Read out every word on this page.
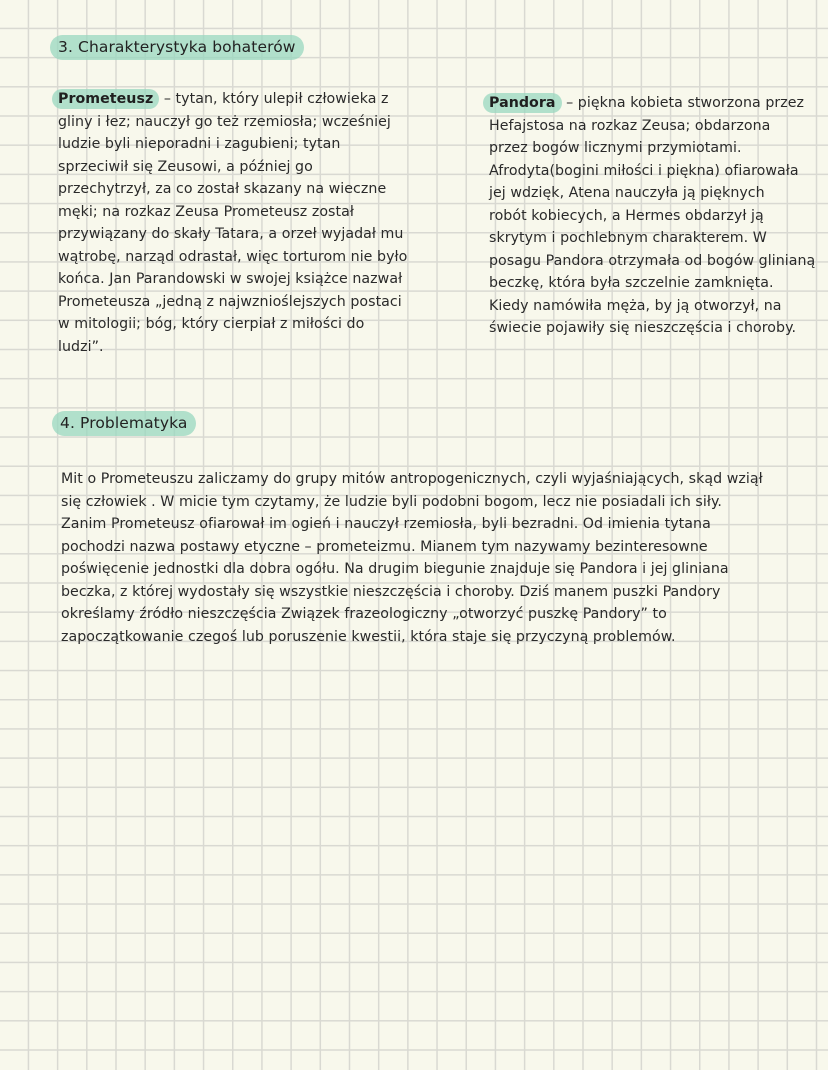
3. Charakterystyka bohaterów
Prometeusz – tytan, który ulepił człowieka z
gliny i łez; nauczył go też rzemiosła; wcześniej
ludzie byli nieporadni i zagubieni; tytan
sprzeciwił się Zeusowi, a później go
przechytrzył, za co został skazany na wieczne
męki; na rozkaz Zeusa Prometeusz został
przywiązany do skały Tatara, a orzeł wyjadał mu
wątrobę, narząd odrastał, więc torturom nie było
końca. Jan Parandowski w swojej książce nazwał
Prometeusza „jedną z najwznioślejszych postaci
w mitologii; bóg, który cierpiał z miłości do
ludzi”.
Pandora – piękna kobieta stworzona przez
Hefajstosa na rozkaz Zeusa; obdarzona
przez bogów licznymi przymiotami.
Afrodyta(bogini miłości i piękna) ofiarowała
jej wdzięk, Atena nauczyła ją pięknych
robót kobiecych, a Hermes obdarzył ją
skrytym i pochlebnym charakterem. W
posagu Pandora otrzymała od bogów glinianą
beczkę, która była szczelnie zamknięta.
Kiedy namówiła męża, by ją otworzył, na
świecie pojawiły się nieszczęścia i choroby.
4. Problematyka
Mit o Prometeuszu zaliczamy do grupy mitów antropogenicznych, czyli wyjaśniających, skąd wziął
się człowiek . W micie tym czytamy, że ludzie byli podobni bogom, lecz nie posiadali ich siły.
Zanim Prometeusz ofiarował im ogień i nauczył rzemiosła, byli bezradni. Od imienia tytana
pochodzi nazwa postawy etyczne – prometeizmu. Mianem tym nazywamy bezinteresowne
poświęcenie jednostki dla dobra ogółu. Na drugim biegunie znajduje się Pandora i jej gliniana
beczka, z której wydostały się wszystkie nieszczęścia i choroby. Dziś manem puszki Pandory
określamy źródło nieszczęścia Związek frazeologiczny „otworzyć puszkę Pandory” to
zapoczątkowanie czegoś lub poruszenie kwestii, która staje się przyczyną problemów.
